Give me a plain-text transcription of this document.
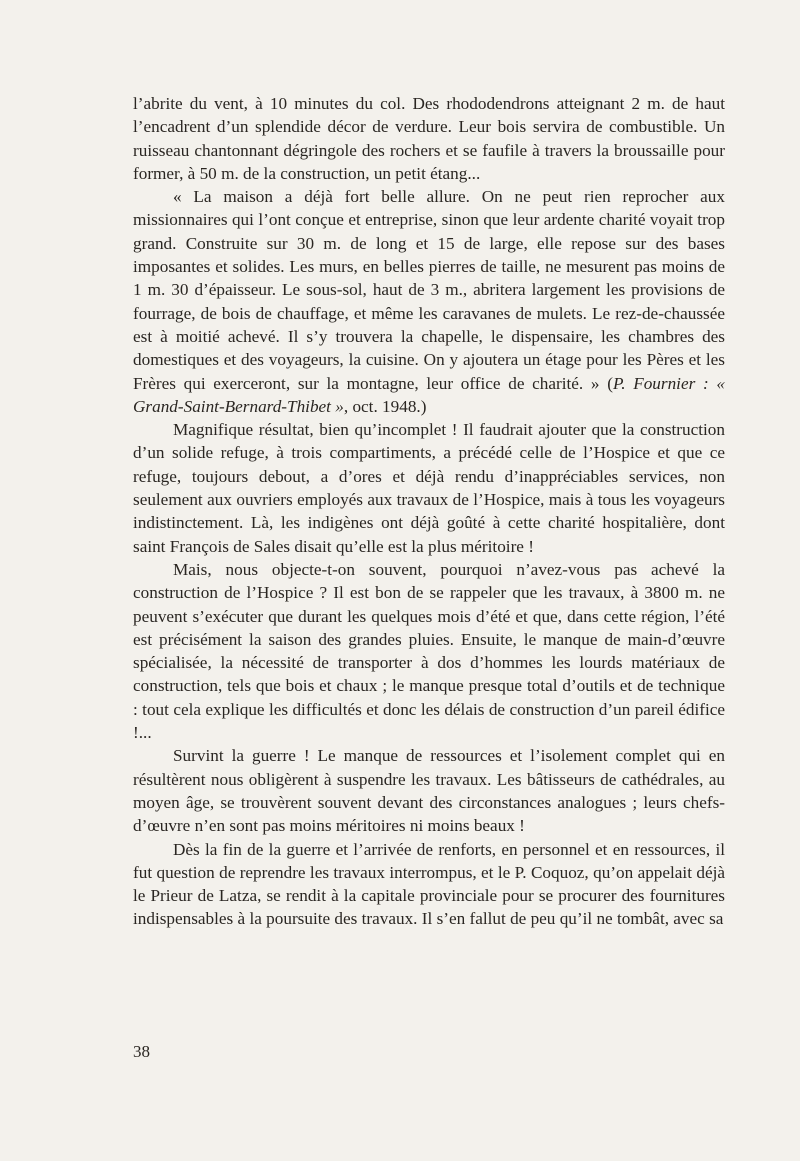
l’abrite du vent, à 10 minutes du col. Des rhododendrons atteignant 2 m. de haut l’encadrent d’un splendide décor de verdure. Leur bois servira de combustible. Un ruisseau chantonnant dégringole des rochers et se faufile à travers la broussaille pour former, à 50 m. de la construction, un petit étang...

« La maison a déjà fort belle allure. On ne peut rien reprocher aux missionnaires qui l’ont conçue et entreprise, sinon que leur ardente charité voyait trop grand. Construite sur 30 m. de long et 15 de large, elle repose sur des bases imposantes et solides. Les murs, en belles pierres de taille, ne mesurent pas moins de 1 m. 30 d’épaisseur. Le sous-sol, haut de 3 m., abritera largement les provisions de fourrage, de bois de chauffage, et même les caravanes de mulets. Le rez-de-chaussée est à moitié achevé. Il s’y trouvera la chapelle, le dispensaire, les chambres des domestiques et des voyageurs, la cuisine. On y ajoutera un étage pour les Pères et les Frères qui exerceront, sur la montagne, leur office de charité. » (P. Fournier : « Grand-Saint-Bernard-Thibet », oct. 1948.)

Magnifique résultat, bien qu’incomplet ! Il faudrait ajouter que la construction d’un solide refuge, à trois compartiments, a précédé celle de l’Hospice et que ce refuge, toujours debout, a d’ores et déjà rendu d’inappréciables services, non seulement aux ouvriers employés aux travaux de l’Hospice, mais à tous les voyageurs indistinctement. Là, les indigènes ont déjà goûté à cette charité hospitalière, dont saint François de Sales disait qu’elle est la plus méritoire !

Mais, nous objecte-t-on souvent, pourquoi n’avez-vous pas achevé la construction de l’Hospice ? Il est bon de se rappeler que les travaux, à 3800 m. ne peuvent s’exécuter que durant les quelques mois d’été et que, dans cette région, l’été est précisément la saison des grandes pluies. Ensuite, le manque de main-d’œuvre spécialisée, la nécessité de transporter à dos d’hommes les lourds matériaux de construction, tels que bois et chaux ; le manque presque total d’outils et de technique : tout cela explique les difficultés et donc les délais de construction d’un pareil édifice !...

Survint la guerre ! Le manque de ressources et l’isolement complet qui en résultèrent nous obligèrent à suspendre les travaux. Les bâtisseurs de cathédrales, au moyen âge, se trouvèrent souvent devant des circonstances analogues ; leurs chefs-d’œuvre n’en sont pas moins méritoires ni moins beaux !

Dès la fin de la guerre et l’arrivée de renforts, en personnel et en ressources, il fut question de reprendre les travaux interrompus, et le P. Coquoz, qu’on appelait déjà le Prieur de Latza, se rendit à la capitale provinciale pour se procurer des fournitures indispensables à la poursuite des travaux. Il s’en fallut de peu qu’il ne tombât, avec sa

38
